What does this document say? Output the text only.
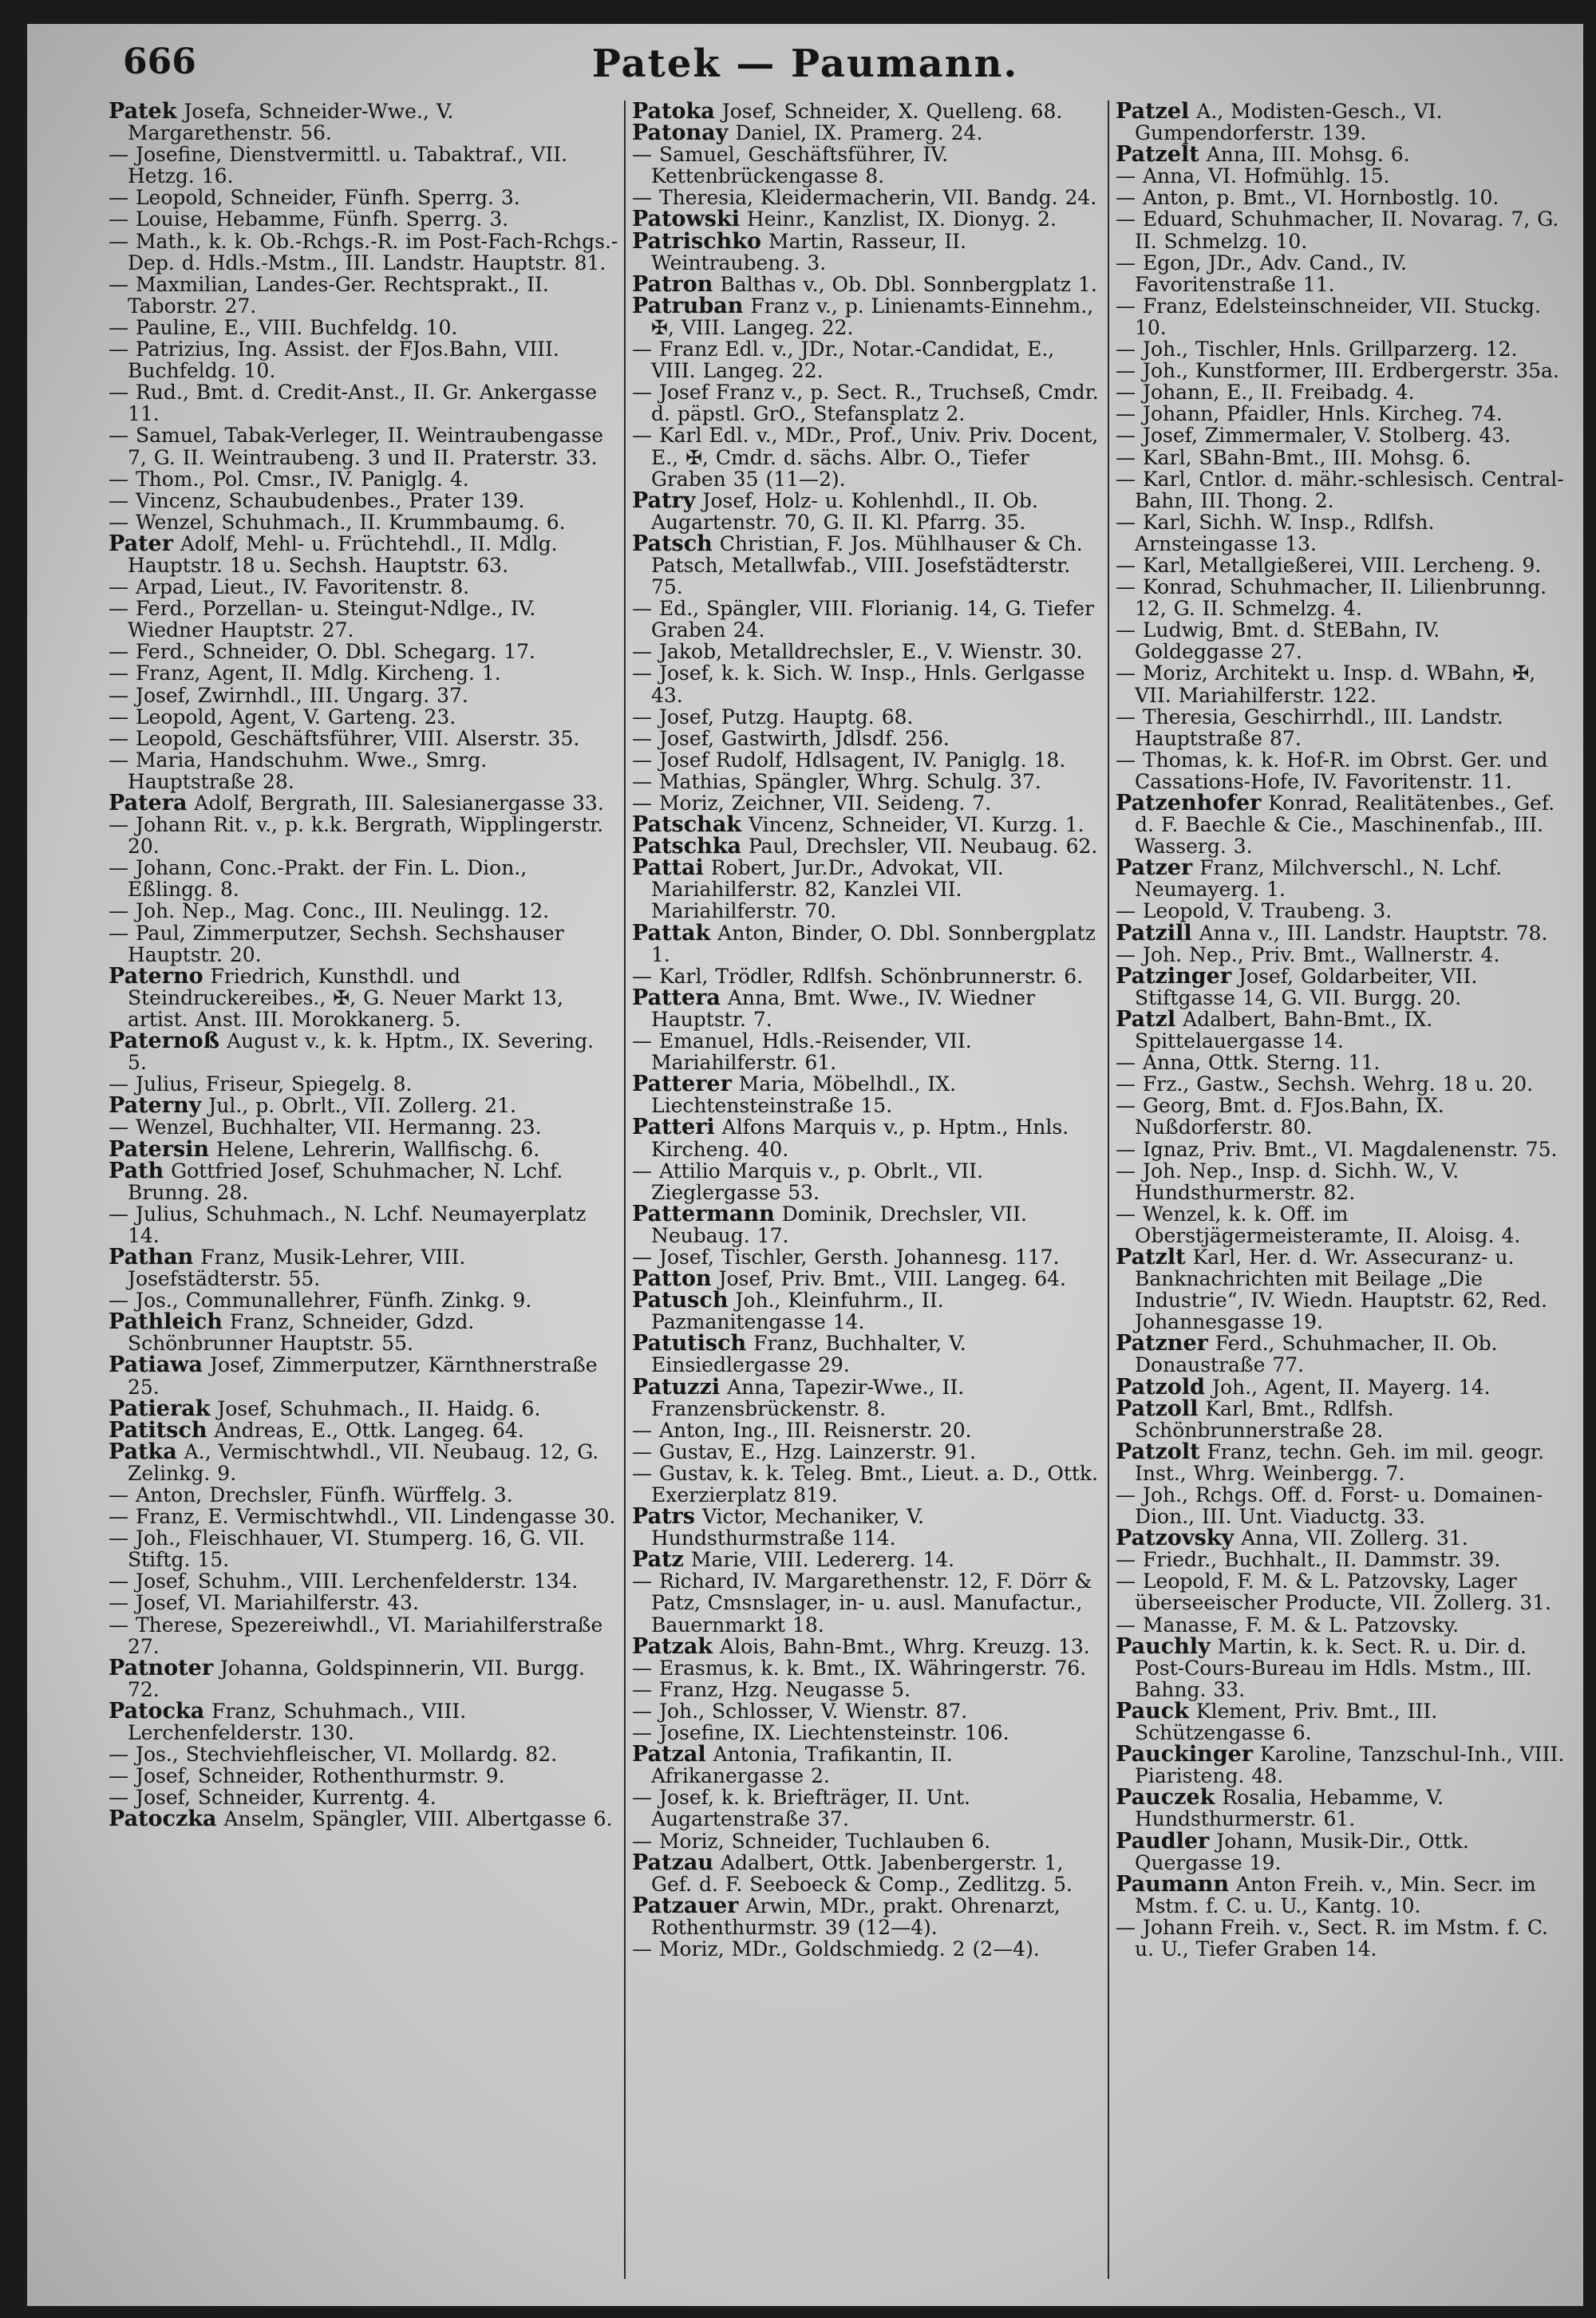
666	Patek — Paumann.

Patek Josefa, Schneider-Wwe., V. Margarethenstr. 56.

— Josefine, Dienstvermittl. u. Tabaktraf., VII. Hetzg. 16.

— Leopold, Schneider, Fünfh. Sperrg. 3.

— Louise, Hebamme, Fünfh. Sperrg. 3.

— Math., k. k. Ob.-Rchgs.-R. im Post-Fach-Rchgs.-Dep. d. Hdls.-Mstm., III. Landstr. Hauptstr. 81.

— Maxmilian, Landes-Ger. Rechtsprakt., II. Taborstr. 27.

— Pauline, E., VIII. Buchfeldg. 10.

— Patrizius, Ing. Assist. der FJos.Bahn, VIII. Buchfeldg. 10.

— Rud., Bmt. d. Credit-Anst., II. Gr. Ankergasse 11.

— Samuel, Tabak-Verleger, II. Weintraubengasse 7, G. II. Weintraubeng. 3 und II. Praterstr. 33.

— Thom., Pol. Cmsr., IV. Paniglg. 4.

— Vincenz, Schaubudenbes., Prater 139.

— Wenzel, Schuhmach., II. Krummbaumg. 6.

Pater Adolf, Mehl- u. Früchtehdl., II. Mdlg. Hauptstr. 18 u. Sechsh. Hauptstr. 63.

— Arpad, Lieut., IV. Favoritenstr. 8.

— Ferd., Porzellan- u. Steingut-Ndlge., IV. Wiedner Hauptstr. 27.

— Ferd., Schneider, O. Dbl. Schegarg. 17.

— Franz, Agent, II. Mdlg. Kircheng. 1.

— Josef, Zwirnhdl., III. Ungarg. 37.

— Leopold, Agent, V. Garteng. 23.

— Leopold, Geschäftsführer, VIII. Alserstr. 35.

— Maria, Handschuhm. Wwe., Smrg. Hauptstraße 28.

Patera Adolf, Bergrath, III. Salesianergasse 33.

— Johann Rit. v., p. k.k. Bergrath, Wipplingerstr. 20.

— Johann, Conc.-Prakt. der Fin. L. Dion., Eßlingg. 8.

— Joh. Nep., Mag. Conc., III. Neulingg. 12.

— Paul, Zimmerputzer, Sechsh. Sechshauser Hauptstr. 20.

Paterno Friedrich, Kunsthdl. und Steindruckereibes., ✠, G. Neuer Markt 13, artist. Anst. III. Morokkanerg. 5.

Paternoß August v., k. k. Hptm., IX. Severing. 5.

— Julius, Friseur, Spiegelg. 8.

Paterny Jul., p. Obrlt., VII. Zollerg. 21.

— Wenzel, Buchhalter, VII. Hermanng. 23.

Patersin Helene, Lehrerin, Wallfischg. 6.

Path Gottfried Josef, Schuhmacher, N. Lchf. Brunng. 28.

— Julius, Schuhmach., N. Lchf. Neumayerplatz 14.

Pathan Franz, Musik-Lehrer, VIII. Josefstädterstr. 55.

— Jos., Communallehrer, Fünfh. Zinkg. 9.

Pathleich Franz, Schneider, Gdzd. Schönbrunner Hauptstr. 55.

Patiawa Josef, Zimmerputzer, Kärnthnerstraße 25.

Patierak Josef, Schuhmach., II. Haidg. 6.

Patitsch Andreas, E., Ottk. Langeg. 64.

Patka A., Vermischtwhdl., VII. Neubaug. 12, G. Zelinkg. 9.

— Anton, Drechsler, Fünfh. Würffelg. 3.

— Franz, E. Vermischtwhdl., VII. Lindengasse 30.

— Joh., Fleischhauer, VI. Stumperg. 16, G. VII. Stiftg. 15.

— Josef, Schuhm., VIII. Lerchenfelderstr. 134.

— Josef, VI. Mariahilferstr. 43.

— Therese, Spezereiwhdl., VI. Mariahilferstraße 27.

Patnoter Johanna, Goldspinnerin, VII. Burgg. 72.

Patocka Franz, Schuhmach., VIII. Lerchenfelderstr. 130.

— Jos., Stechviehfleischer, VI. Mollardg. 82.

— Josef, Schneider, Rothenthurmstr. 9.

— Josef, Schneider, Kurrentg. 4.

Patoczka Anselm, Spängler, VIII. Albertgasse 6.

Patoka Josef, Schneider, X. Quelleng. 68.

Patonay Daniel, IX. Pramerg. 24.

— Samuel, Geschäftsführer, IV. Kettenbrückengasse 8.

— Theresia, Kleidermacherin, VII. Bandg. 24.

Patowski Heinr., Kanzlist, IX. Dionyg. 2.

Patrischko Martin, Rasseur, II. Weintraubeng. 3.

Patron Balthas v., Ob. Dbl. Sonnbergplatz 1.

Patruban Franz v., p. Linienamts-Einnehm., ✠, VIII. Langeg. 22.

— Franz Edl. v., JDr., Notar.-Candidat, E., VIII. Langeg. 22.

— Josef Franz v., p. Sect. R., Truchseß, Cmdr. d. päpstl. GrO., Stefansplatz 2.

— Karl Edl. v., MDr., Prof., Univ. Priv. Docent, E., ✠, Cmdr. d. sächs. Albr. O., Tiefer Graben 35 (11—2).

Patry Josef, Holz- u. Kohlenhdl., II. Ob. Augartenstr. 70, G. II. Kl. Pfarrg. 35.

Patsch Christian, F. Jos. Mühlhauser & Ch. Patsch, Metallwfab., VIII. Josefstädterstr. 75.

— Ed., Spängler, VIII. Florianig. 14, G. Tiefer Graben 24.

— Jakob, Metalldrechsler, E., V. Wienstr. 30.

— Josef, k. k. Sich. W. Insp., Hnls. Gerlgasse 43.

— Josef, Putzg. Hauptg. 68.

— Josef, Gastwirth, Jdlsdf. 256.

— Josef Rudolf, Hdlsagent, IV. Paniglg. 18.

— Mathias, Spängler, Whrg. Schulg. 37.

— Moriz, Zeichner, VII. Seideng. 7.

Patschak Vincenz, Schneider, VI. Kurzg. 1.

Patschka Paul, Drechsler, VII. Neubaug. 62.

Pattai Robert, Jur.Dr., Advokat, VII. Mariahilferstr. 82, Kanzlei VII. Mariahilferstr. 70.

Pattak Anton, Binder, O. Dbl. Sonnbergplatz 1.

— Karl, Trödler, Rdlfsh. Schönbrunnerstr. 6.

Pattera Anna, Bmt. Wwe., IV. Wiedner Hauptstr. 7.

— Emanuel, Hdls.-Reisender, VII. Mariahilferstr. 61.

Patterer Maria, Möbelhdl., IX. Liechtensteinstraße 15.

Patteri Alfons Marquis v., p. Hptm., Hnls. Kircheng. 40.

— Attilio Marquis v., p. Obrlt., VII. Zieglergasse 53.

Pattermann Dominik, Drechsler, VII. Neubaug. 17.

— Josef, Tischler, Gersth. Johannesg. 117.

Patton Josef, Priv. Bmt., VIII. Langeg. 64.

Patusch Joh., Kleinfuhrm., II. Pazmanitengasse 14.

Patutisch Franz, Buchhalter, V. Einsiedlergasse 29.

Patuzzi Anna, Tapezir-Wwe., II. Franzensbrückenstr. 8.

— Anton, Ing., III. Reisnerstr. 20.

— Gustav, E., Hzg. Lainzerstr. 91.

— Gustav, k. k. Teleg. Bmt., Lieut. a. D., Ottk. Exerzierplatz 819.

Patrs Victor, Mechaniker, V. Hundsthurmstraße 114.

Patz Marie, VIII. Ledererg. 14.

— Richard, IV. Margarethenstr. 12, F. Dörr & Patz, Cmsnslager, in- u. ausl. Manufactur., Bauernmarkt 18.

Patzak Alois, Bahn-Bmt., Whrg. Kreuzg. 13.

— Erasmus, k. k. Bmt., IX. Währingerstr. 76.

— Franz, Hzg. Neugasse 5.

— Joh., Schlosser, V. Wienstr. 87.

— Josefine, IX. Liechtensteinstr. 106.

Patzal Antonia, Trafikantin, II. Afrikanergasse 2.

— Josef, k. k. Briefträger, II. Unt. Augartenstraße 37.

— Moriz, Schneider, Tuchlauben 6.

Patzau Adalbert, Ottk. Jabenbergerstr. 1, Gef. d. F. Seeboeck & Comp., Zedlitzg. 5.

Patzauer Arwin, MDr., prakt. Ohrenarzt, Rothenthurmstr. 39 (12—4).

— Moriz, MDr., Goldschmiedg. 2 (2—4).

Patzel A., Modisten-Gesch., VI. Gumpendorferstr. 139.

Patzelt Anna, III. Mohsg. 6.

— Anna, VI. Hofmühlg. 15.

— Anton, p. Bmt., VI. Hornbostlg. 10.

— Eduard, Schuhmacher, II. Novarag. 7, G. II. Schmelzg. 10.

— Egon, JDr., Adv. Cand., IV. Favoritenstraße 11.

— Franz, Edelsteinschneider, VII. Stuckg. 10.

— Joh., Tischler, Hnls. Grillparzerg. 12.

— Joh., Kunstformer, III. Erdbergerstr. 35a.

— Johann, E., II. Freibadg. 4.

— Johann, Pfaidler, Hnls. Kircheg. 74.

— Josef, Zimmermaler, V. Stolberg. 43.

— Karl, SBahn-Bmt., III. Mohsg. 6.

— Karl, Cntlor. d. mähr.-schlesisch. Central-Bahn, III. Thong. 2.

— Karl, Sichh. W. Insp., Rdlfsh. Arnsteingasse 13.

— Karl, Metallgießerei, VIII. Lercheng. 9.

— Konrad, Schuhmacher, II. Lilienbrunng. 12, G. II. Schmelzg. 4.

— Ludwig, Bmt. d. StEBahn, IV. Goldeggasse 27.

— Moriz, Architekt u. Insp. d. WBahn, ✠, VII. Mariahilferstr. 122.

— Theresia, Geschirrhdl., III. Landstr. Hauptstraße 87.

— Thomas, k. k. Hof-R. im Obrst. Ger. und Cassations-Hofe, IV. Favoritenstr. 11.

Patzenhofer Konrad, Realitätenbes., Gef. d. F. Baechle & Cie., Maschinenfab., III. Wasserg. 3.

Patzer Franz, Milchverschl., N. Lchf. Neumayerg. 1.

— Leopold, V. Traubeng. 3.

Patzill Anna v., III. Landstr. Hauptstr. 78.

— Joh. Nep., Priv. Bmt., Wallnerstr. 4.

Patzinger Josef, Goldarbeiter, VII. Stiftgasse 14, G. VII. Burgg. 20.

Patzl Adalbert, Bahn-Bmt., IX. Spittelauergasse 14.

— Anna, Ottk. Sterng. 11.

— Frz., Gastw., Sechsh. Wehrg. 18 u. 20.

— Georg, Bmt. d. FJos.Bahn, IX. Nußdorferstr. 80.

— Ignaz, Priv. Bmt., VI. Magdalenenstr. 75.

— Joh. Nep., Insp. d. Sichh. W., V. Hundsthurmerstr. 82.

— Wenzel, k. k. Off. im Oberstjägermeisteramte, II. Aloisg. 4.

Patzlt Karl, Her. d. Wr. Assecuranz- u. Banknachrichten mit Beilage „Die Industrie“, IV. Wiedn. Hauptstr. 62, Red. Johannesgasse 19.

Patzner Ferd., Schuhmacher, II. Ob. Donaustraße 77.

Patzold Joh., Agent, II. Mayerg. 14.

Patzoll Karl, Bmt., Rdlfsh. Schönbrunnerstraße 28.

Patzolt Franz, techn. Geh. im mil. geogr. Inst., Whrg. Weinbergg. 7.

— Joh., Rchgs. Off. d. Forst- u. Domainen-Dion., III. Unt. Viaductg. 33.

Patzovsky Anna, VII. Zollerg. 31.

— Friedr., Buchhalt., II. Dammstr. 39.

— Leopold, F. M. & L. Patzovsky, Lager überseeischer Producte, VII. Zollerg. 31.

— Manasse, F. M. & L. Patzovsky.

Pauchly Martin, k. k. Sect. R. u. Dir. d. Post-Cours-Bureau im Hdls. Mstm., III. Bahng. 33.

Pauck Klement, Priv. Bmt., III. Schützengasse 6.

Pauckinger Karoline, Tanzschul-Inh., VIII. Piaristeng. 48.

Pauczek Rosalia, Hebamme, V. Hundsthurmerstr. 61.

Paudler Johann, Musik-Dir., Ottk. Quergasse 19.

Paumann Anton Freih. v., Min. Secr. im Mstm. f. C. u. U., Kantg. 10.

— Johann Freih. v., Sect. R. im Mstm. f. C. u. U., Tiefer Graben 14.
